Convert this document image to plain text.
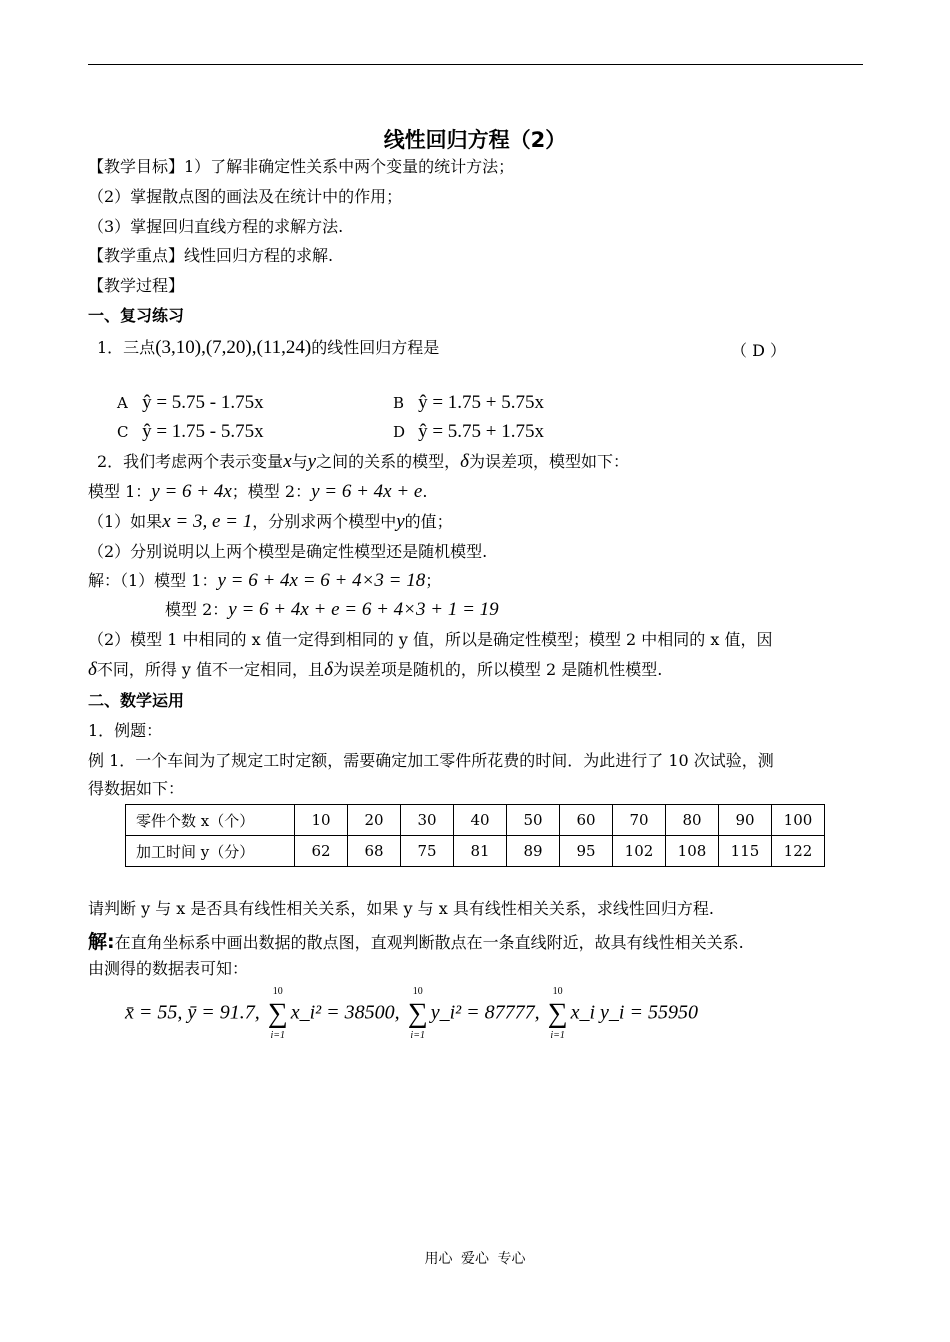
线性回归方程（2）
【教学目标】1）了解非确定性关系中两个变量的统计方法；
（2）掌握散点图的画法及在统计中的作用；
（3）掌握回归直线方程的求解方法.
【教学重点】线性回归方程的求解.
【教学过程】
一、复习练习
1．三点(3,10),(7,20),(11,24)的线性回归方程是	（ D ）
A ŷ = 5.75 - 1.75x	B ŷ = 1.75 + 5.75x
C ŷ = 1.75 - 5.75x	D ŷ = 5.75 + 1.75x
2．我们考虑两个表示变量x与y之间的关系的模型，δ为误差项，模型如下：
模型 1：y = 6 + 4x；模型 2：y = 6 + 4x + e.
（1）如果x = 3, e = 1，分别求两个模型中y的值；
（2）分别说明以上两个模型是确定性模型还是随机模型.
解：（1）模型 1：y = 6 + 4x = 6 + 4×3 = 18；
模型 2：y = 6 + 4x + e = 6 + 4×3 + 1 = 19
（2）模型 1 中相同的 x 值一定得到相同的 y 值，所以是确定性模型；模型 2 中相同的 x 值，因
δ不同，所得 y 值不一定相同，且δ为误差项是随机的，所以模型 2 是随机性模型.
二、数学运用
1．例题：
例 1．一个车间为了规定工时定额，需要确定加工零件所花费的时间．为此进行了 10 次试验，测
得数据如下：
零件个数 x（个）	10	20	30	40	50	60	70	80	90	100
加工时间 y（分）	62	68	75	81	89	95	102	108	115	122
请判断 y 与 x 是否具有线性相关关系，如果 y 与 x 具有线性相关关系，求线性回归方程.
解:在直角坐标系中画出数据的散点图，直观判断散点在一条直线附近，故具有线性相关关系.
由测得的数据表可知：
x̄ = 55, ȳ = 91.7,
10
∑
i=1
x_i² = 38500,
10
∑
i=1
y_i² = 87777,
10
∑
i=1
x_i y_i = 55950
用心 爱心 专心
